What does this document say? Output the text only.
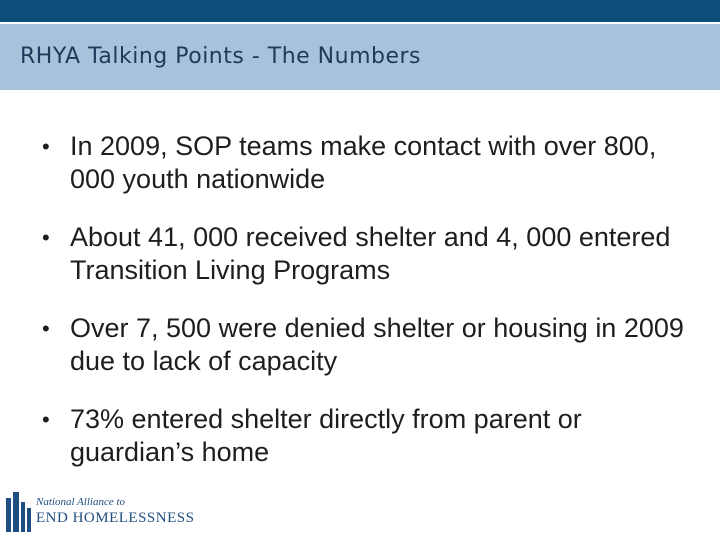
RHYA Talking Points - The Numbers
• In 2009, SOP teams make contact with over 800, 000 youth nationwide
• About 41, 000 received shelter and 4, 000 entered Transition Living Programs
• Over 7, 500 were denied shelter or housing in 2009 due to lack of capacity
• 73% entered shelter directly from parent or guardian’s home
National Alliance to
END HOMELESSNESS
